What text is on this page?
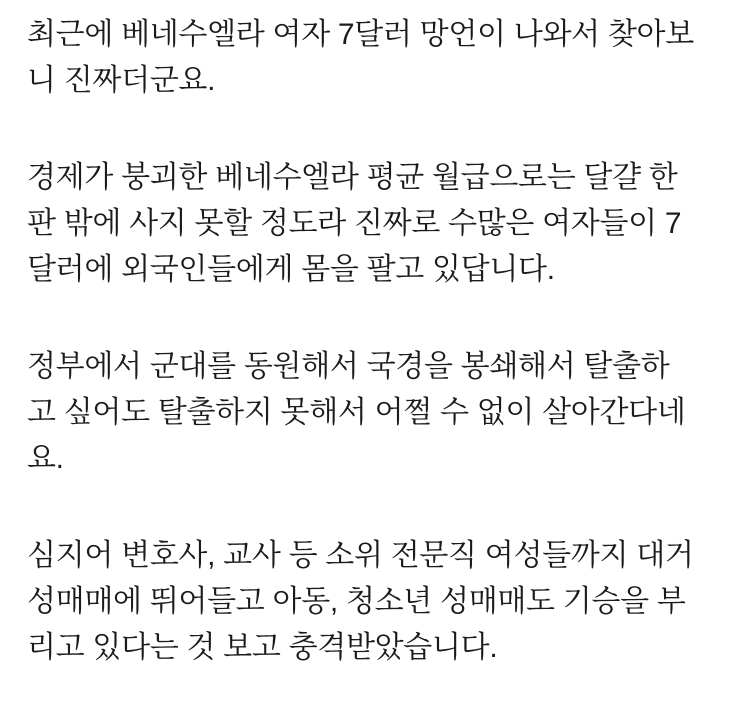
최근에 베네수엘라 여자 7달러 망언이 나와서 찾아보
니 진짜더군요.

경제가 붕괴한 베네수엘라 평균 월급으로는 달걀 한
판 밖에 사지 못할 정도라 진짜로 수많은 여자들이 7
달러에 외국인들에게 몸을 팔고 있답니다.

정부에서 군대를 동원해서 국경을 봉쇄해서 탈출하
고 싶어도 탈출하지 못해서 어쩔 수 없이 살아간다네
요.

심지어 변호사, 교사 등 소위 전문직 여성들까지 대거
성매매에 뛰어들고 아동, 청소년 성매매도 기승을 부
리고 있다는 것 보고 충격받았습니다.
